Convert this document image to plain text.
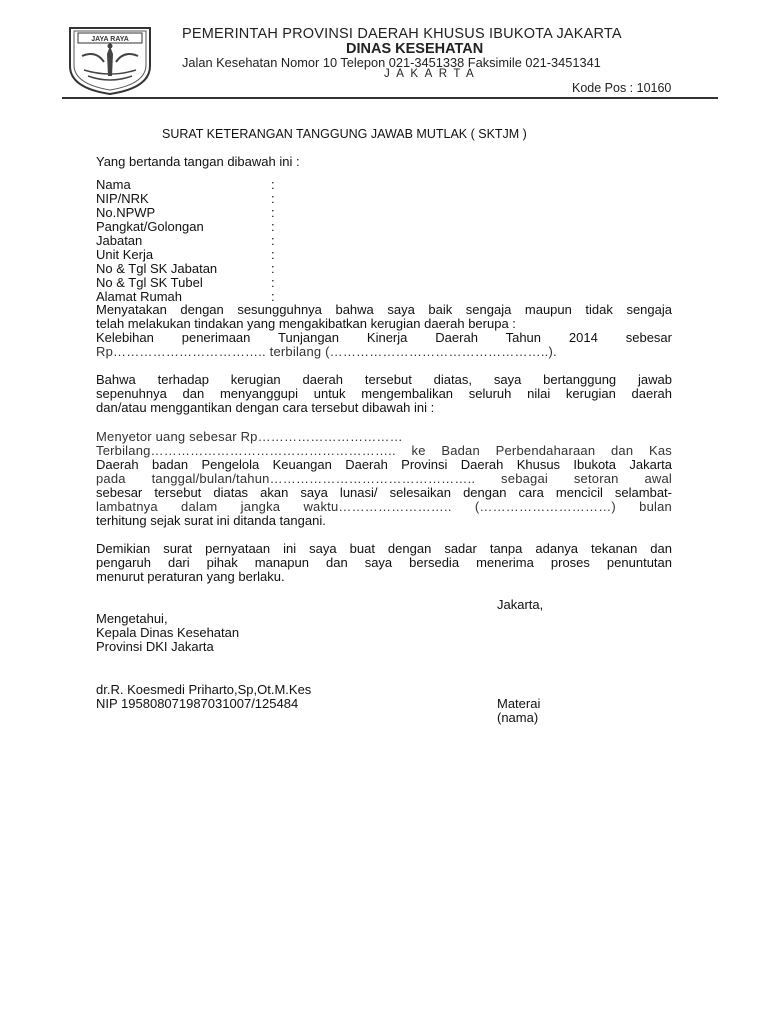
JAYA RAYA	PEMERINTAH PROVINSI DAERAH KHUSUS IBUKOTA JAKARTA
DINAS KESEHATAN
Jalan Kesehatan Nomor 10 Telepon 021-3451338 Faksimile 021-3451341
JAKARTA
Kode Pos : 10160
SURAT KETERANGAN TANGGUNG JAWAB MUTLAK ( SKTJM )
Yang bertanda tangan dibawah ini :
Nama	:
NIP/NRK	:
No.NPWP	:
Pangkat/Golongan	:
Jabatan	:
Unit Kerja	:
No & Tgl SK Jabatan	:
No & Tgl SK Tubel	:
Alamat Rumah	:
Menyatakan dengan sesungguhnya bahwa saya baik sengaja maupun tidak sengaja
telah melakukan tindakan yang mengakibatkan kerugian daerah berupa :
Kelebihan penerimaan Tunjangan Kinerja Daerah Tahun 2014 sebesar
Rp…………………………….. terbilang (…………………………………………..).
Bahwa terhadap kerugian daerah tersebut diatas, saya bertanggung jawab
sepenuhnya dan menyanggupi untuk mengembalikan seluruh nilai kerugian daerah
dan/atau menggantikan dengan cara tersebut dibawah ini :
Menyetor uang sebesar Rp……………………………
Terbilang……………………………………………….. ke Badan Perbendaharaan dan Kas
Daerah badan Pengelola Keuangan Daerah Provinsi Daerah Khusus Ibukota Jakarta
pada tanggal/bulan/tahun……………………………………….. sebagai setoran awal
sebesar tersebut diatas akan saya lunasi/ selesaikan dengan cara mencicil selambat-
lambatnya dalam jangka waktu…………………….. (…………………………) bulan
terhitung sejak surat ini ditanda tangani.
Demikian surat pernyataan ini saya buat dengan sadar tanpa adanya tekanan dan
pengaruh dari pihak manapun dan saya bersedia menerima proses penuntutan
menurut peraturan yang berlaku.
Jakarta,
Mengetahui,
Kepala Dinas Kesehatan
Provinsi DKI Jakarta
dr.R. Koesmedi Priharto,Sp,Ot.M.Kes
NIP 195808071987031007/125484	Materai
(nama)
